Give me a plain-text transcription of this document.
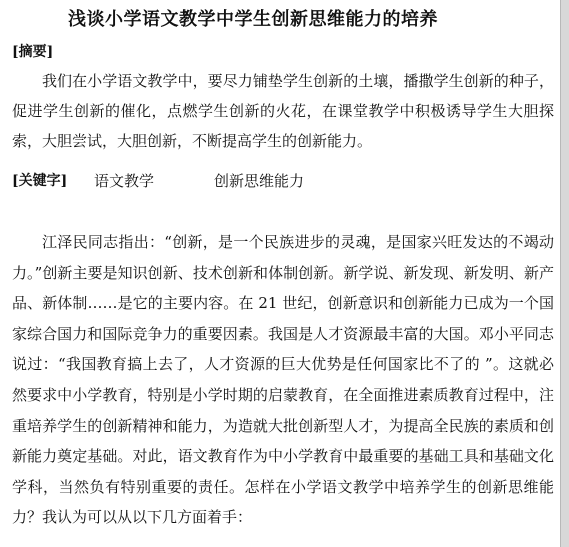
浅谈小学语文教学中学生创新思维能力的培养
[摘要]

我们在小学语文教学中，要尽力铺垫学生创新的土壤，播撒学生创新的种子，促进学生创新的催化，点燃学生创新的火花，在课堂教学中积极诱导学生大胆探索，大胆尝试，大胆创新，不断提高学生的创新能力。

[关键字] 语文教学	创新思维能力

江泽民同志指出：“创新，是一个民族进步的灵魂，是国家兴旺发达的不竭动力。”创新主要是知识创新、技术创新和体制创新。新学说、新发现、新发明、新产品、新体制……是它的主要内容。在 21 世纪，创新意识和创新能力已成为一个国家综合国力和国际竞争力的重要因素。我国是人才资源最丰富的大国。邓小平同志说过：“我国教育搞上去了，人才资源的巨大优势是任何国家比不了的 ”。这就必然要求中小学教育，特别是小学时期的启蒙教育，在全面推进素质教育过程中，注重培养学生的创新精神和能力，为造就大批创新型人才，为提高全民族的素质和创新能力奠定基础。对此，语文教育作为中小学教育中最重要的基础工具和基础文化学科，当然负有特别重要的责任。怎样在小学语文教学中培养学生的创新思维能力？我认为可以从以下几方面着手：
